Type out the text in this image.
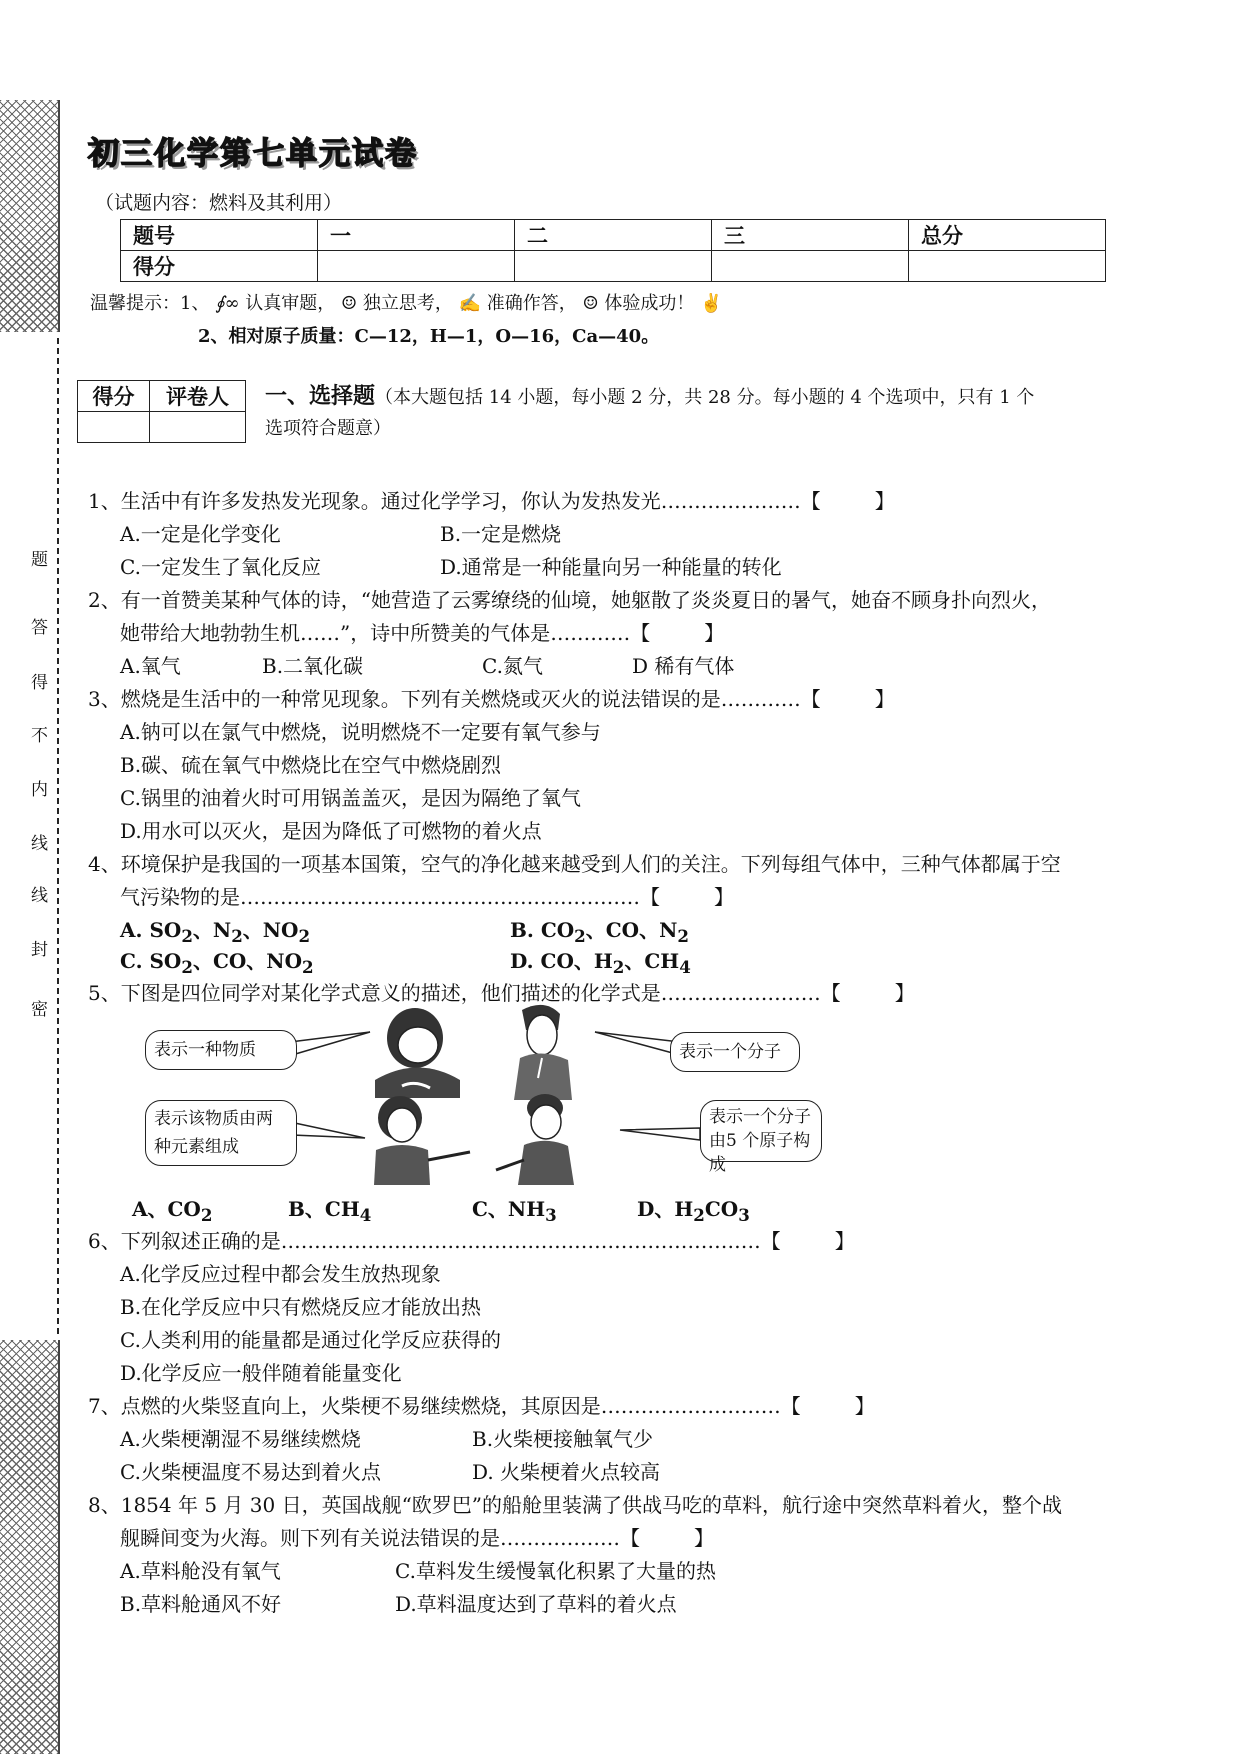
题
答
得
不
内
线
线
封
密
初三化学第七单元试卷
（试题内容：燃料及其利用）
题号	一	二	三	总分
得分				
温馨提示：1、 ∮∞ 认真审题， ☺ 独立思考， ✍ 准确作答， ☺ 体验成功！ ✌
2、相对原子质量：C—12，H—1，O—16，Ca—40。
得分	评卷人
	一、选择题（本大题包括 14 小题，每小题 2 分，共 28 分。每小题的 4 个选项中，只有 1 个
选项符合题意）
1、生活中有许多发热发光现象。通过化学学习，你认为发热发光…………………【	】
A.一定是化学变化	B.一定是燃烧
C.一定发生了氧化反应	D.通常是一种能量向另一种能量的转化
2、有一首赞美某种气体的诗，“她营造了云雾缭绕的仙境，她躯散了炎炎夏日的暑气，她奋不顾身扑向烈火，
她带给大地勃勃生机……”，诗中所赞美的气体是…………【	】
A.氧气	B.二氧化碳	C.氮气	D 稀有气体
3、燃烧是生活中的一种常见现象。下列有关燃烧或灭火的说法错误的是…………【	】
A.钠可以在氯气中燃烧，说明燃烧不一定要有氧气参与
B.碳、硫在氧气中燃烧比在空气中燃烧剧烈
C.锅里的油着火时可用锅盖盖灭，是因为隔绝了氧气
D.用水可以灭火，是因为降低了可燃物的着火点
4、环境保护是我国的一项基本国策，空气的净化越来越受到人们的关注。下列每组气体中，三种气体都属于空
气污染物的是……………………………………………………【	】
A. $SO_2$、$N_2$、$NO_2$	B. $CO_2$、CO、$N_2$
C. $SO_2$、CO、$NO_2$	D. CO、$H_2$、$CH_4$
5、下图是四位同学对某化学式意义的描述，他们描述的化学式是……………………【	】
表示一种物质	表示一个分子
表示该物质由两种元素组成
表示一个分子由5 个原子构成
A、$CO_2$	B、$CH_4$	C、$NH_3$	D、$H_2CO_3$
6、下列叙述正确的是………………………………………………………………【	】
A.化学反应过程中都会发生放热现象
B.在化学反应中只有燃烧反应才能放出热
C.人类利用的能量都是通过化学反应获得的
D.化学反应一般伴随着能量变化
7、点燃的火柴竖直向上，火柴梗不易继续燃烧，其原因是………………………【	】
A.火柴梗潮湿不易继续燃烧	B.火柴梗接触氧气少
C.火柴梗温度不易达到着火点	D. 火柴梗着火点较高
8、1854 年 5 月 30 日，英国战舰“欧罗巴”的船舱里装满了供战马吃的草料，航行途中突然草料着火，整个战
舰瞬间变为火海。则下列有关说法错误的是………………【	】
A.草料舱没有氧气	C.草料发生缓慢氧化积累了大量的热
B.草料舱通风不好	D.草料温度达到了草料的着火点
